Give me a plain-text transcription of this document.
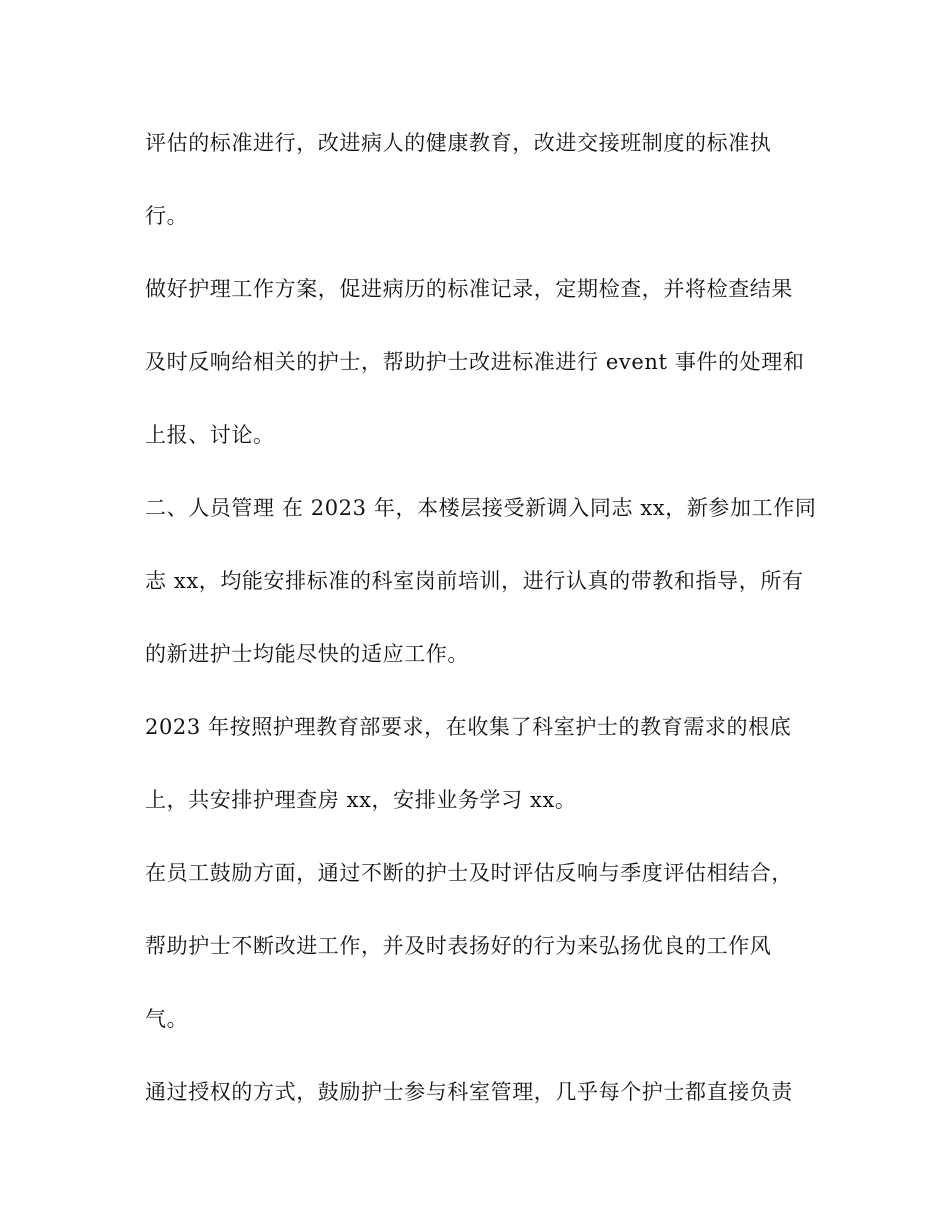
评估的标准进行，改进病人的健康教育，改进交接班制度的标准执
行。
做好护理工作方案，促进病历的标准记录，定期检查，并将检查结果
及时反响给相关的护士，帮助护士改进标准进行 event 事件的处理和
上报、讨论。
二、人员管理 在 2023 年，本楼层接受新调入同志 xx，新参加工作同
志 xx，均能安排标准的科室岗前培训，进行认真的带教和指导，所有
的新进护士均能尽快的适应工作。
2023 年按照护理教育部要求，在收集了科室护士的教育需求的根底
上，共安排护理查房 xx，安排业务学习 xx。
在员工鼓励方面，通过不断的护士及时评估反响与季度评估相结合，
帮助护士不断改进工作，并及时表扬好的行为来弘扬优良的工作风
气。
通过授权的方式，鼓励护士参与科室管理，几乎每个护士都直接负责
